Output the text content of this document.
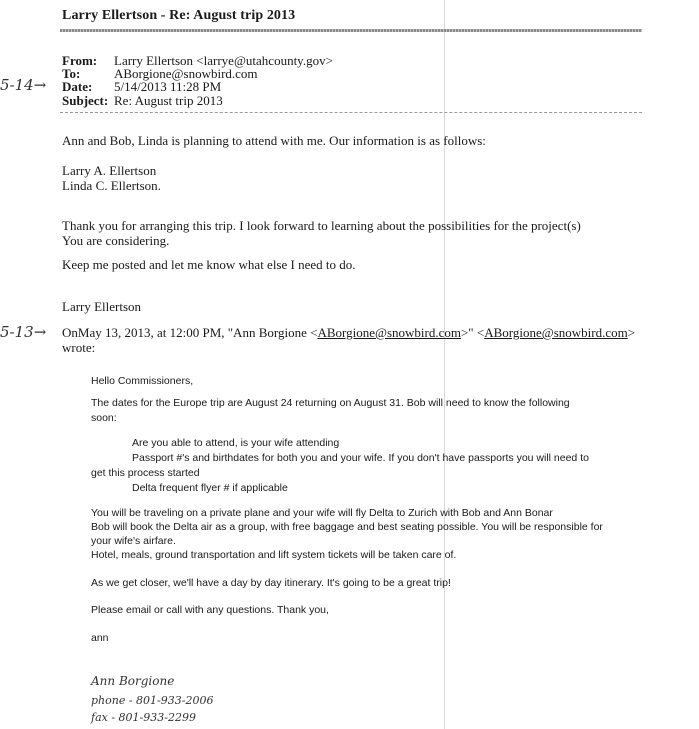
Larry Ellertson - Re: August trip 2013
From: Larry Ellertson <larrye@utahcounty.gov>
To:	ABorgione@snowbird.com
Date: 5/14/2013 11:28 PM
Subject: Re: August trip 2013
5-14→
Ann and Bob, Linda is planning to attend with me. Our information is as follows:
Larry A. Ellertson
Linda C. Ellertson.
Thank you for arranging this trip. I look forward to learning about the possibilities for the project(s)
You are considering.
Keep me posted and let me know what else I need to do.
Larry Ellertson
5-13→ OnMay 13, 2013, at 12:00 PM, "Ann Borgione <ABorgione@snowbird.com>" <ABorgione@snowbird.com>
wrote:
Hello Commissioners,
The dates for the Europe trip are August 24 returning on August 31. Bob will need to know the following
soon:
Are you able to attend, is your wife attending
Passport #'s and birthdates for both you and your wife. If you don't have passports you will need to
get this process started
Delta frequent flyer # if applicable
You will be traveling on a private plane and your wife will fly Delta to Zurich with Bob and Ann Bonar
Bob will book the Delta air as a group, with free baggage and best seating possible. You will be responsible for
your wife's airfare.
Hotel, meals, ground transportation and lift system tickets will be taken care of.
As we get closer, we'll have a day by day itinerary. It's going to be a great trip!
Please email or call with any questions. Thank you,
ann
Ann Borgione
phone - 801-933-2006
fax - 801-933-2299
